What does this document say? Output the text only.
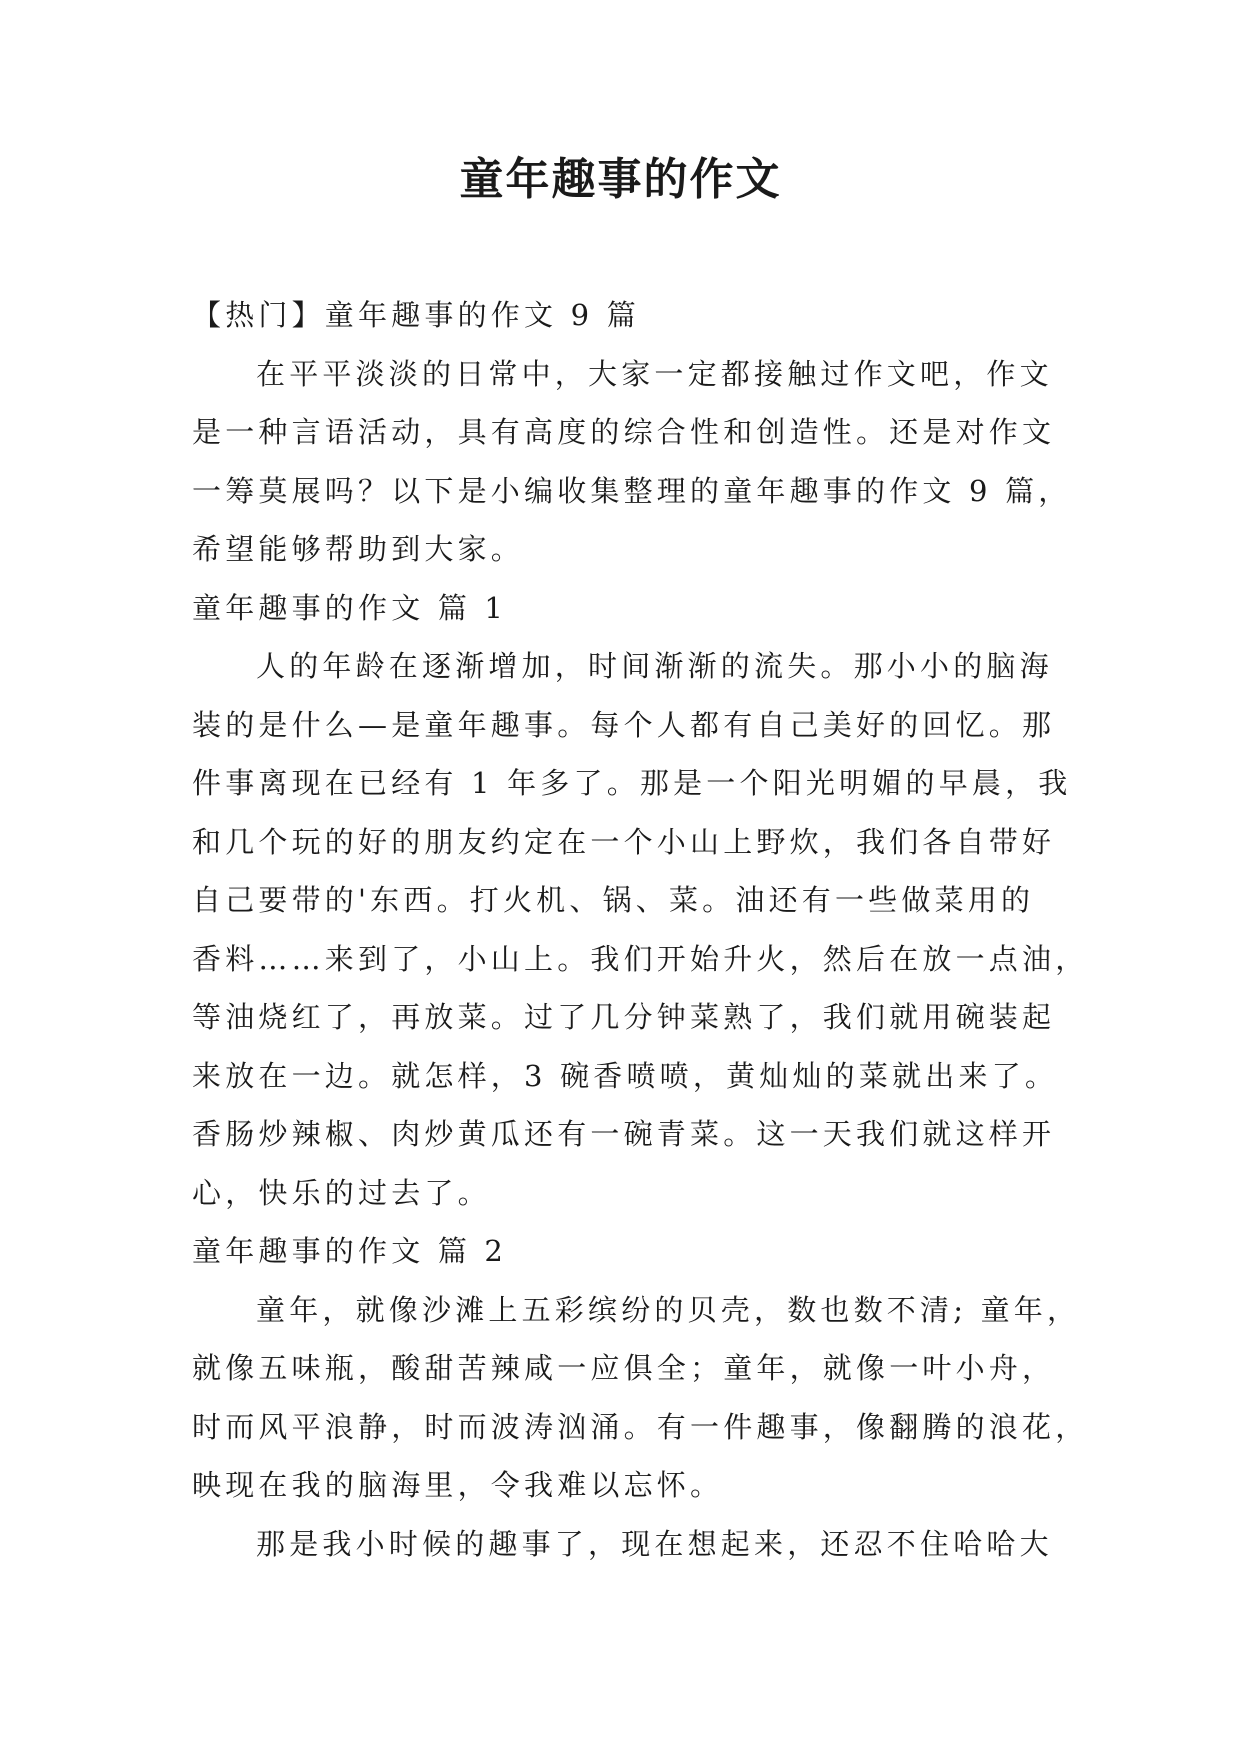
童年趣事的作文

【热门】童年趣事的作文 9 篇

在平平淡淡的日常中，大家一定都接触过作文吧，作文

是一种言语活动，具有高度的综合性和创造性。还是对作文

一筹莫展吗？以下是小编收集整理的童年趣事的作文 9 篇，

希望能够帮助到大家。

童年趣事的作文 篇 1

人的年龄在逐渐增加，时间渐渐的流失。那小小的脑海

装的是什么—是童年趣事。每个人都有自己美好的回忆。那

件事离现在已经有 1 年多了。那是一个阳光明媚的早晨，我

和几个玩的好的朋友约定在一个小山上野炊，我们各自带好

自己要带的'东西。打火机、锅、菜。油还有一些做菜用的

香料……来到了，小山上。我们开始升火，然后在放一点油，

等油烧红了，再放菜。过了几分钟菜熟了，我们就用碗装起

来放在一边。就怎样，3 碗香喷喷，黄灿灿的菜就出来了。

香肠炒辣椒、肉炒黄瓜还有一碗青菜。这一天我们就这样开

心，快乐的过去了。

童年趣事的作文 篇 2

童年，就像沙滩上五彩缤纷的贝壳，数也数不清; 童年，

就像五味瓶，酸甜苦辣咸一应俱全；童年，就像一叶小舟，

时而风平浪静，时而波涛汹涌。有一件趣事，像翻腾的浪花，

映现在我的脑海里，令我难以忘怀。

那是我小时候的趣事了，现在想起来，还忍不住哈哈大
